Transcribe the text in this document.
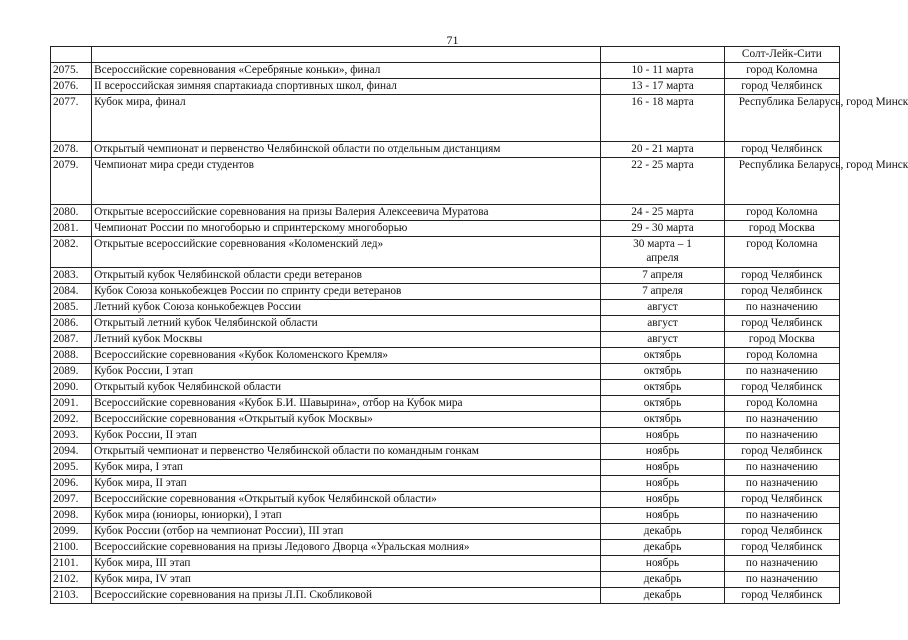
71
			Солт-Лейк-Сити
2075.	Всероссийские соревнования «Серебряные коньки», финал	10 - 11 марта	город Коломна
2076.	II всероссийская зимняя спартакиада спортивных школ, финал	13 - 17 марта	город Челябинск
2077.	Кубок мира, финал	16 - 18 марта	Республика Беларусь, город Минск
2078.	Открытый чемпионат и первенство Челябинской области по отдельным дистанциям	20 - 21 марта	город Челябинск
2079.	Чемпионат мира среди студентов	22 - 25 марта	Республика Беларусь, город Минск
2080.	Открытые всероссийские соревнования на призы Валерия Алексеевича Муратова	24 - 25 марта	город Коломна
2081.	Чемпионат России по многоборью и спринтерскому многоборью	29 - 30 марта	город Москва
2082.	Открытые всероссийские соревнования «Коломенский лед»	30 марта – 1 апреля	город Коломна
2083.	Открытый кубок Челябинской области среди ветеранов	7 апреля	город Челябинск
2084.	Кубок Союза конькобежцев России по спринту среди ветеранов	7 апреля	город Челябинск
2085.	Летний кубок Союза конькобежцев России	август	по назначению
2086.	Открытый летний кубок Челябинской области	август	город Челябинск
2087.	Летний кубок Москвы	август	город Москва
2088.	Всероссийские соревнования «Кубок Коломенского Кремля»	октябрь	город Коломна
2089.	Кубок России, I этап	октябрь	по назначению
2090.	Открытый кубок Челябинской области	октябрь	город Челябинск
2091.	Всероссийские соревнования «Кубок Б.И. Шавырина», отбор на Кубок мира	октябрь	город Коломна
2092.	Всероссийские соревнования «Открытый кубок Москвы»	октябрь	по назначению
2093.	Кубок России, II этап	ноябрь	по назначению
2094.	Открытый чемпионат и первенство Челябинской области по командным гонкам	ноябрь	город Челябинск
2095.	Кубок мира, I этап	ноябрь	по назначению
2096.	Кубок мира, II этап	ноябрь	по назначению
2097.	Всероссийские соревнования «Открытый кубок Челябинской области»	ноябрь	город Челябинск
2098.	Кубок мира (юниоры, юниорки), I этап	ноябрь	по назначению
2099.	Кубок России (отбор на чемпионат России), III этап	декабрь	город Челябинск
2100.	Всероссийские соревнования на призы Ледового Дворца «Уральская молния»	декабрь	город Челябинск
2101.	Кубок мира, III этап	ноябрь	по назначению
2102.	Кубок мира, IV этап	декабрь	по назначению
2103.	Всероссийские соревнования на призы Л.П. Скобликовой	декабрь	город Челябинск
